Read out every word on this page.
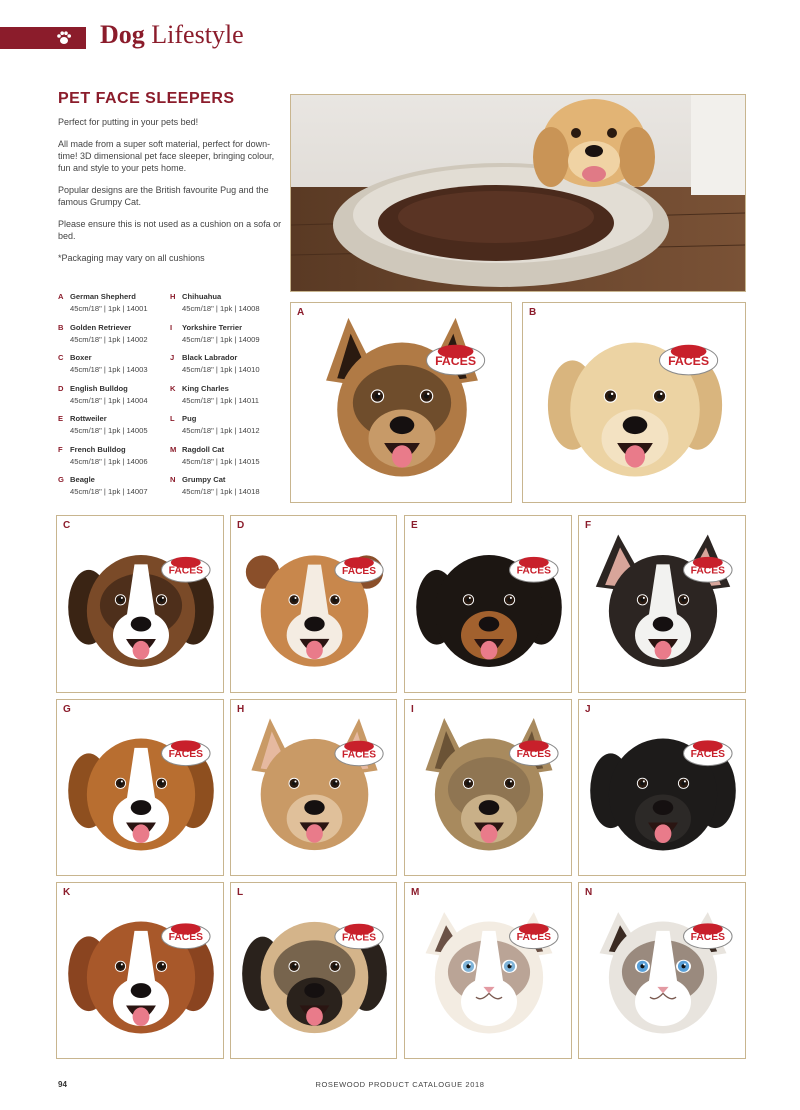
Dog Lifestyle
PET FACE SLEEPERS

Perfect for putting in your pets bed!

All made from a super soft material, perfect for down-time! 3D dimensional pet face sleeper, bringing colour, fun and style to your pets home.

Popular designs are the British favourite Pug and the famous Grumpy Cat.

Please ensure this is not used as a cushion on a sofa or bed.

*Packaging may vary on all cushions

A German Shepherd
45cm/18" | 1pk | 14001
B Golden Retriever
45cm/18" | 1pk | 14002
C Boxer
45cm/18" | 1pk | 14003
D English Bulldog
45cm/18" | 1pk | 14004
E Rottweiler
45cm/18" | 1pk | 14005
F French Bulldog
45cm/18" | 1pk | 14006
G Beagle
45cm/18" | 1pk | 14007
H Chihuahua
45cm/18" | 1pk | 14008
I Yorkshire Terrier
45cm/18" | 1pk | 14009
J Black Labrador
45cm/18" | 1pk | 14010
K King Charles
45cm/18" | 1pk | 14011
L Pug
45cm/18" | 1pk | 14012
M Ragdoll Cat
45cm/18" | 1pk | 14015
N Grumpy Cat
45cm/18" | 1pk | 14018
A
FACES
B
FACES
C
FACES
D
FACES
E
FACES
F
FACES
G
FACES
H
FACES
I
FACES
J
FACES
K
FACES
L
FACES
M
FACES
N
FACES
ROSEWOOD PRODUCT CATALOGUE 2018
94
